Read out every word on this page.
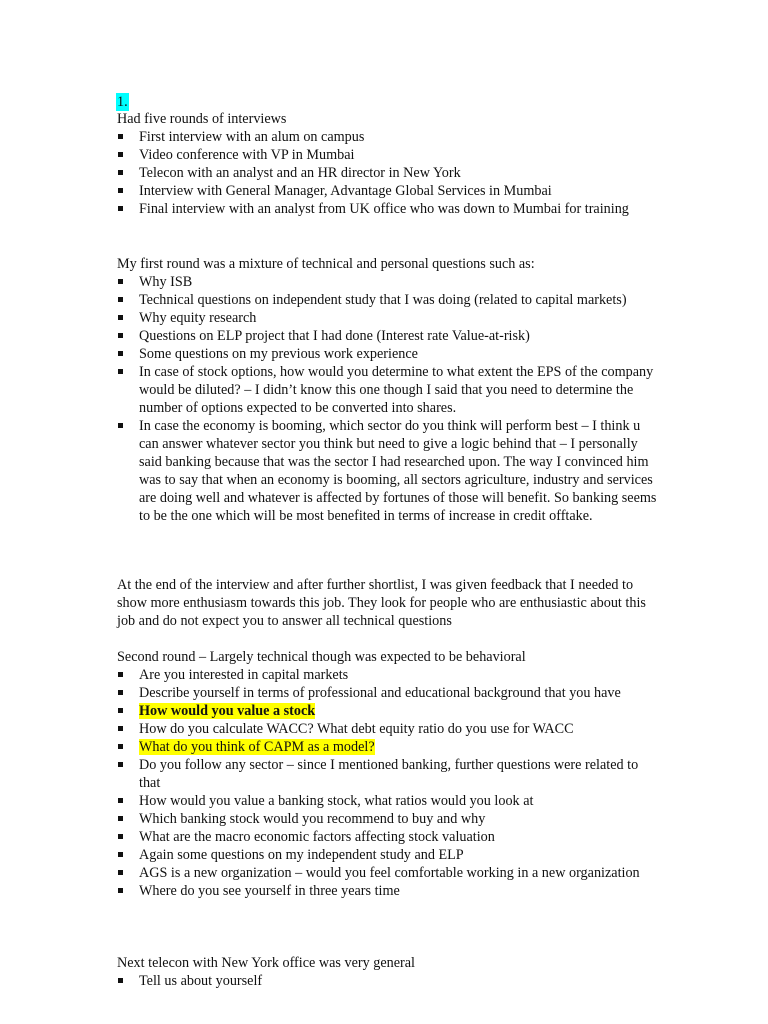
1.

Had five rounds of interviews

First interview with an alum on campus
Video conference with VP in Mumbai
Telecon with an analyst and an HR director in New York
Interview with General Manager, Advantage Global Services in Mumbai
Final interview with an analyst from UK office who was down to Mumbai for training

My first round was a mixture of technical and personal questions such as:

Why ISB
Technical questions on independent study that I was doing (related to capital markets)
Why equity research
Questions on ELP project that I had done (Interest rate Value-at-risk)
Some questions on my previous work experience
In case of stock options, how would you determine to what extent the EPS of the company would be diluted? – I didn’t know this one though I said that you need to determine the number of options expected to be converted into shares.
In case the economy is booming, which sector do you think will perform best – I think u can answer whatever sector you think but need to give a logic behind that – I personally said banking because that was the sector I had researched upon. The way I convinced him was to say that when an economy is booming, all sectors agriculture, industry and services are doing well and whatever is affected by fortunes of those will benefit. So banking seems to be the one which will be most benefited in terms of increase in credit offtake.

At the end of the interview and after further shortlist, I was given feedback that I needed to show more enthusiasm towards this job. They look for people who are enthusiastic about this job and do not expect you to answer all technical questions

Second round – Largely technical though was expected to be behavioral

Are you interested in capital markets
Describe yourself in terms of professional and educational background that you have
How would you value a stock
How do you calculate WACC? What debt equity ratio do you use for WACC
What do you think of CAPM as a model?
Do you follow any sector – since I mentioned banking, further questions were related to that
How would you value a banking stock, what ratios would you look at
Which banking stock would you recommend to buy and why
What are the macro economic factors affecting stock valuation
Again some questions on my independent study and ELP
AGS is a new organization – would you feel comfortable working in a new organization
Where do you see yourself in three years time

Next telecon with New York office was very general

Tell us about yourself
